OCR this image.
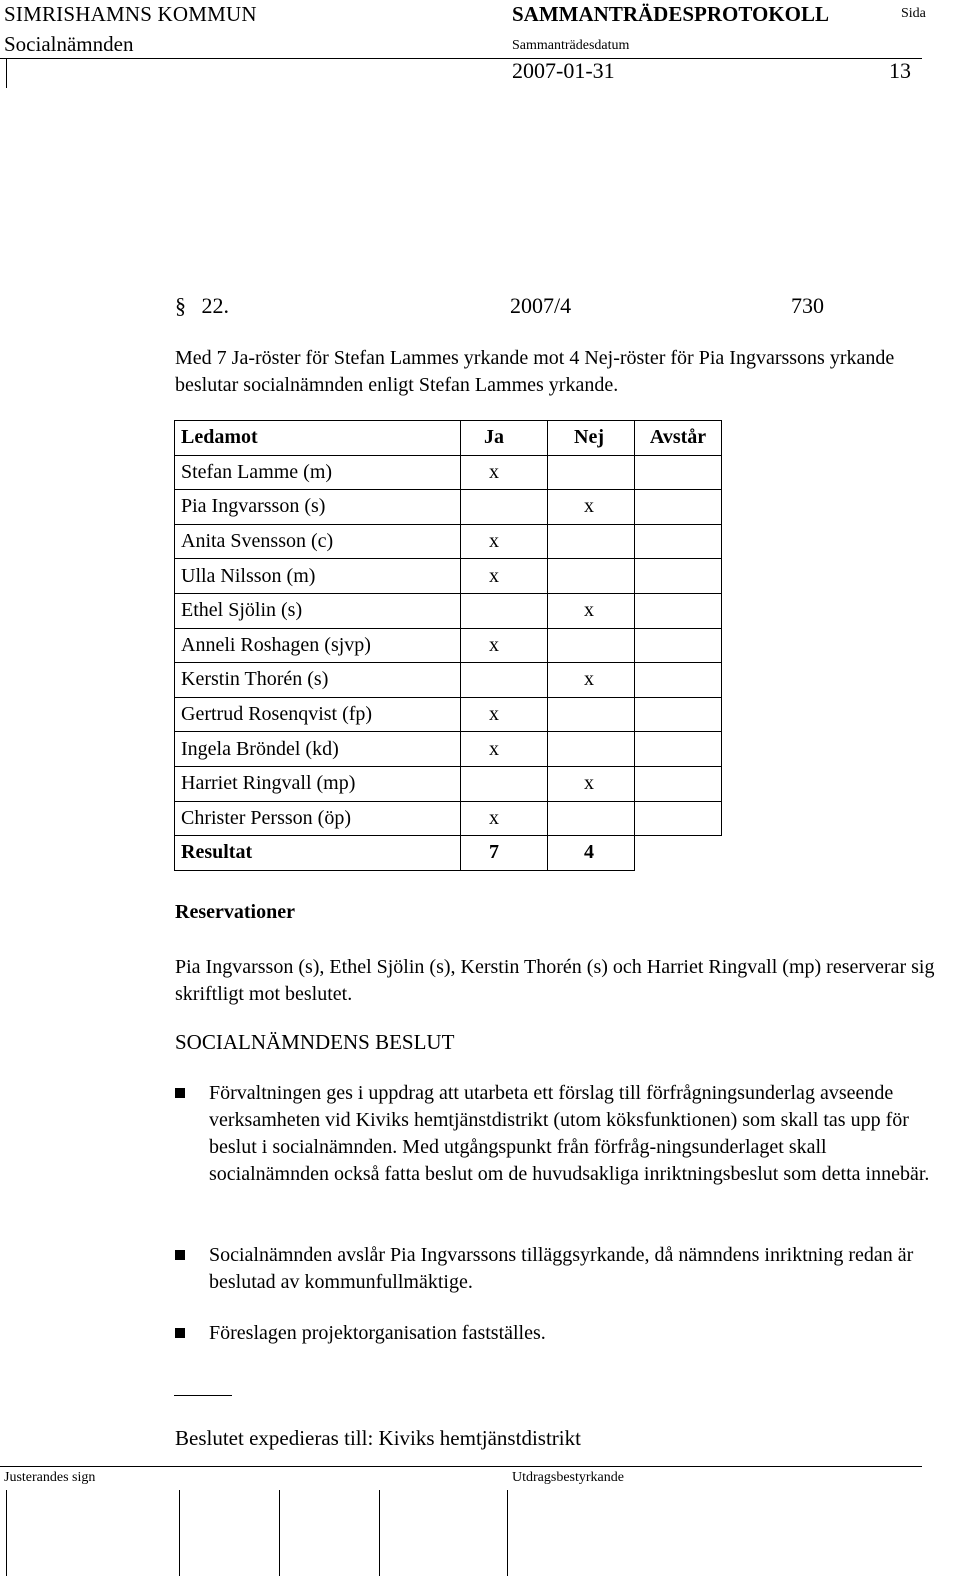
SIMRISHAMNS KOMMUN
Socialnämnden
SAMMANTRÄDESPROTOKOLL	Sida
Sammanträdesdatum
2007-01-31	13
§ 22.	2007/4	730
Med 7 Ja-röster för Stefan Lammes yrkande mot 4 Nej-röster för Pia Ingvarssons yrkande beslutar socialnämnden enligt Stefan Lammes yrkande.
Ledamot	Ja	Nej	Avstår
Stefan Lamme (m)	x		
Pia Ingvarsson (s)		x	
Anita Svensson (c)	x		
Ulla Nilsson (m)	x		
Ethel Sjölin (s)		x	
Anneli Roshagen (sjvp)	x		
Kerstin Thorén (s)		x	
Gertrud Rosenqvist (fp)	x		
Ingela Bröndel (kd)	x		
Harriet Ringvall (mp)		x	
Christer Persson (öp)	x		
Resultat	7	4	
Reservationer
Pia Ingvarsson (s), Ethel Sjölin (s), Kerstin Thorén (s) och Harriet Ringvall (mp) reserverar sig skriftligt mot beslutet.
SOCIALNÄMNDENS BESLUT
Förvaltningen ges i uppdrag att utarbeta ett förslag till förfrågningsunderlag avseende verksamheten vid Kiviks hemtjänstdistrikt (utom köksfunktionen) som skall tas upp för beslut i socialnämnden. Med utgångspunkt från förfråg-ningsunderlaget skall socialnämnden också fatta beslut om de huvudsakliga inriktningsbeslut som detta innebär.
Socialnämnden avslår Pia Ingvarssons tilläggsyrkande, då nämndens inriktning redan är beslutad av kommunfullmäktige.
Föreslagen projektorganisation fastställes.
Beslutet expedieras till: Kiviks hemtjänstdistrikt
Justerandes sign	Utdragsbestyrkande
